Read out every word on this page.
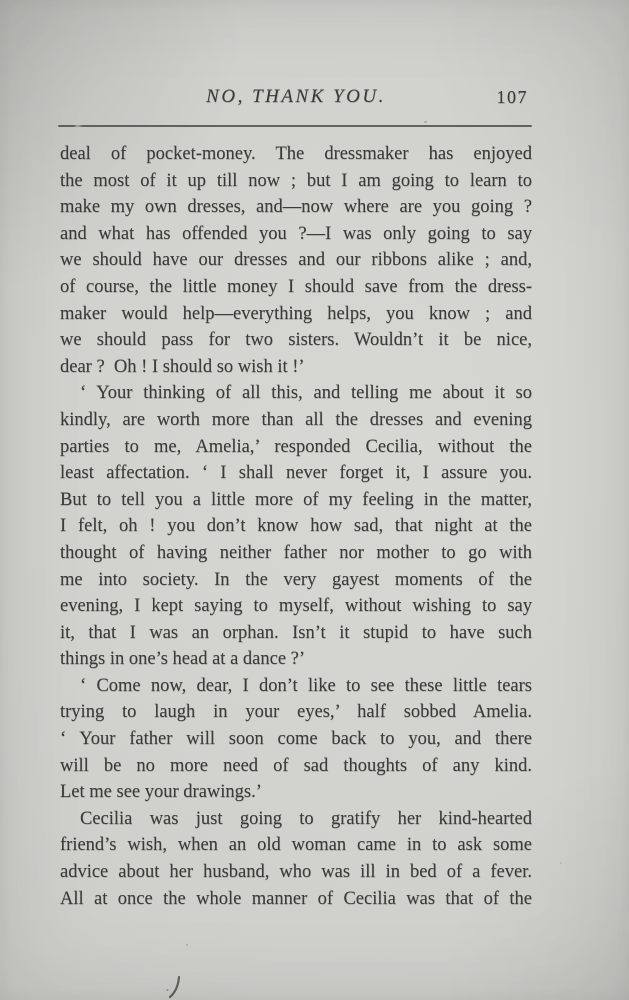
NO, THANK YOU.	107
deal of pocket-money. The dressmaker has enjoyed
the most of it up till now ; but I am going to learn to
make my own dresses, and—now where are you going ?
and what has offended you ?—I was only going to say
we should have our dresses and our ribbons alike ; and,
of course, the little money I should save from the dress-
maker would help—everything helps, you know ; and
we should pass for two sisters. Wouldn’t it be nice,
dear ? Oh ! I should so wish it !’
‘ Your thinking of all this, and telling me about it so
kindly, are worth more than all the dresses and evening
parties to me, Amelia,’ responded Cecilia, without the
least affectation. ‘ I shall never forget it, I assure you.
But to tell you a little more of my feeling in the matter,
I felt, oh ! you don’t know how sad, that night at the
thought of having neither father nor mother to go with
me into society. In the very gayest moments of the
evening, I kept saying to myself, without wishing to say
it, that I was an orphan. Isn’t it stupid to have such
things in one’s head at a dance ?’
‘ Come now, dear, I don’t like to see these little tears
trying to laugh in your eyes,’ half sobbed Amelia.
‘ Your father will soon come back to you, and there
will be no more need of sad thoughts of any kind.
Let me see your drawings.’
Cecilia was just going to gratify her kind-hearted
friend’s wish, when an old woman came in to ask some
advice about her husband, who was ill in bed of a fever.
All at once the whole manner of Cecilia was that of the
